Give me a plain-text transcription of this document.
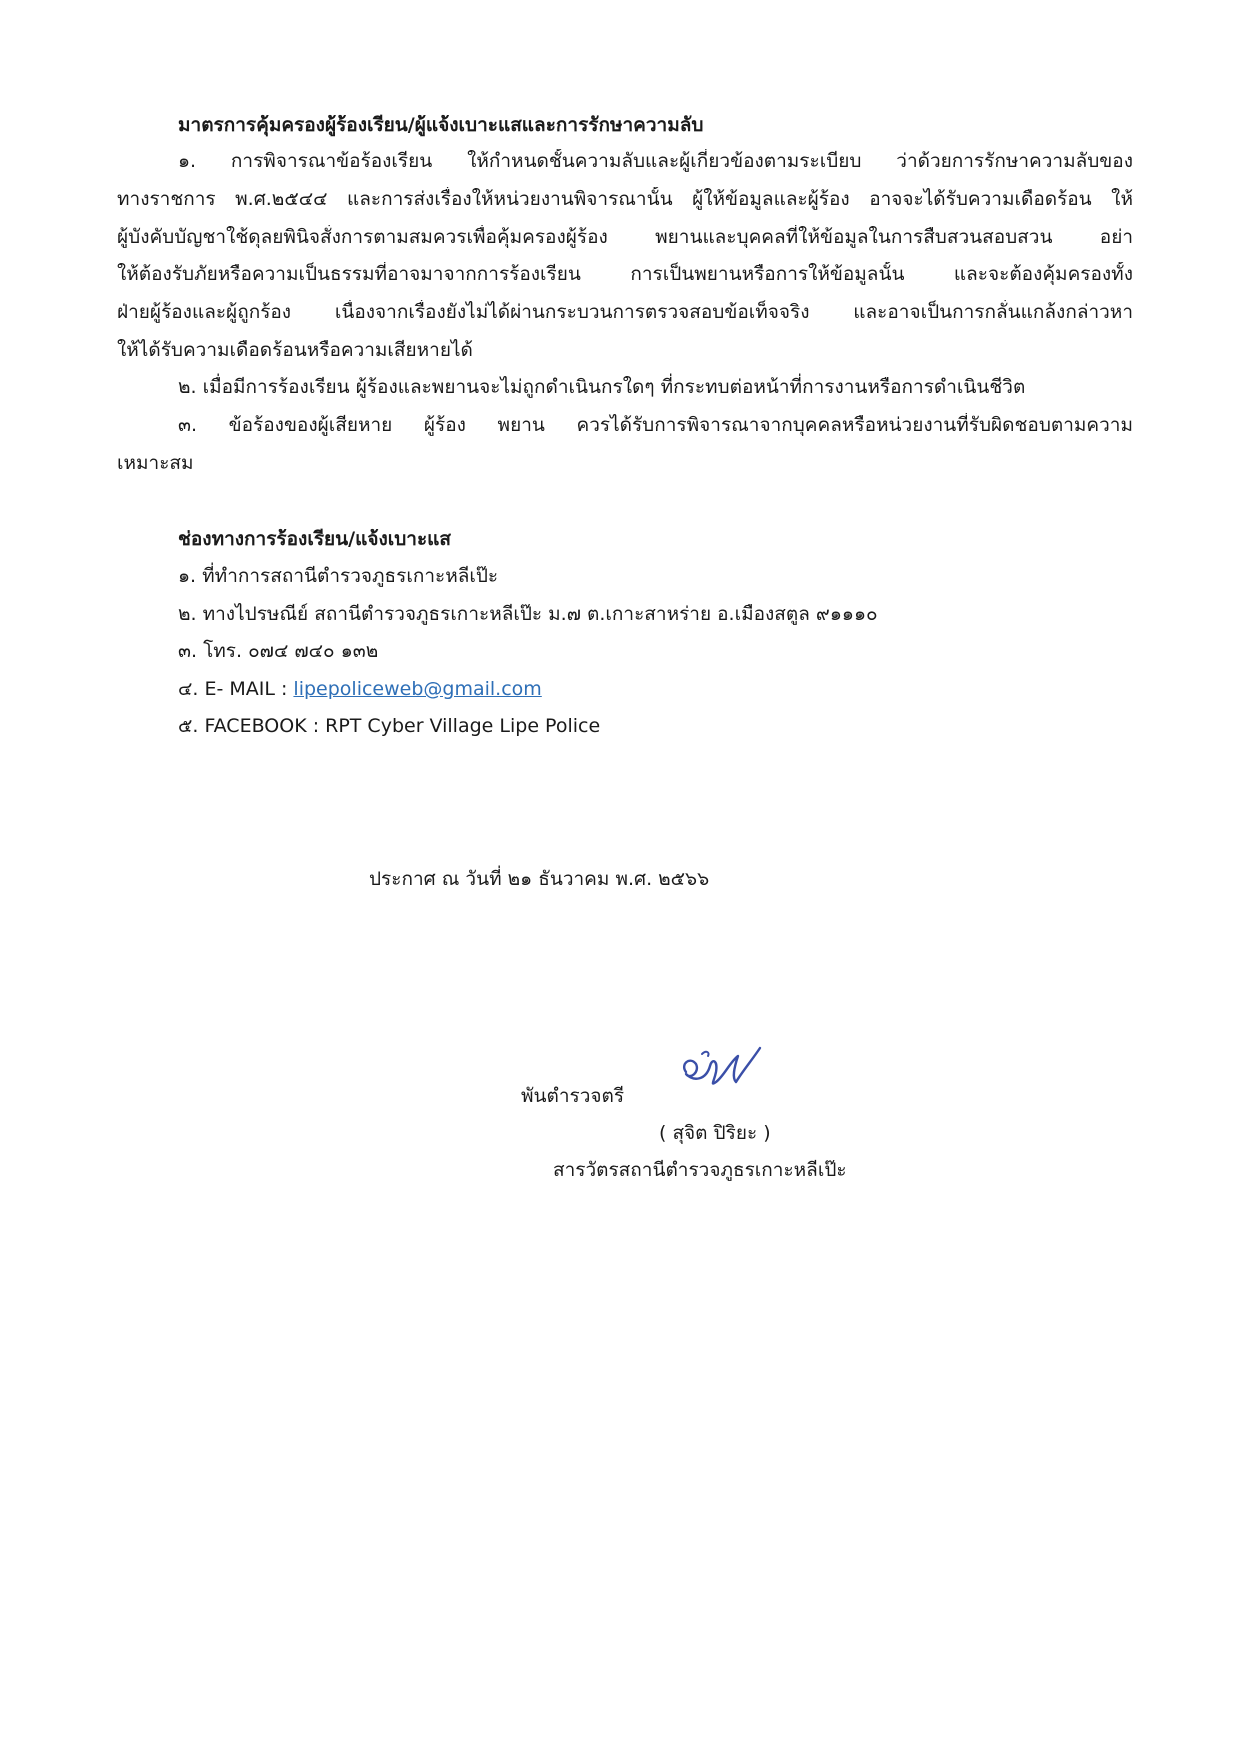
มาตรการคุ้มครองผู้ร้องเรียน/ผู้แจ้งเบาะแสและการรักษาความลับ
๑. การพิจารณาข้อร้องเรียน ให้กำหนดชั้นความลับและผู้เกี่ยวข้องตามระเบียบ ว่าด้วยการรักษาความลับของ
ทางราชการ พ.ศ.๒๕๔๔ และการส่งเรื่องให้หน่วยงานพิจารณานั้น ผู้ให้ข้อมูลและผู้ร้อง อาจจะได้รับความเดือดร้อน ให้
ผู้บังคับบัญชาใช้ดุลยพินิจสั่งการตามสมควรเพื่อคุ้มครองผู้ร้อง พยานและบุคคลที่ให้ข้อมูลในการสืบสวนสอบสวน อย่า
ให้ต้องรับภัยหรือความเป็นธรรมที่อาจมาจากการร้องเรียน การเป็นพยานหรือการให้ข้อมูลนั้น และจะต้องคุ้มครองทั้ง
ฝ่ายผู้ร้องและผู้ถูกร้อง เนื่องจากเรื่องยังไม่ได้ผ่านกระบวนการตรวจสอบข้อเท็จจริง และอาจเป็นการกลั่นแกล้งกล่าวหา
ให้ได้รับความเดือดร้อนหรือความเสียหายได้
๒. เมื่อมีการร้องเรียน ผู้ร้องและพยานจะไม่ถูกดำเนินกรใดๆ ที่กระทบต่อหน้าที่การงานหรือการดำเนินชีวิต
๓. ข้อร้องของผู้เสียหาย ผู้ร้อง พยาน ควรได้รับการพิจารณาจากบุคคลหรือหน่วยงานที่รับผิดชอบตามความ
เหมาะสม
ช่องทางการร้องเรียน/แจ้งเบาะแส
๑. ที่ทำการสถานีตำรวจภูธรเกาะหลีเป๊ะ
๒. ทางไปรษณีย์ สถานีตำรวจภูธรเกาะหลีเป๊ะ ม.๗ ต.เกาะสาหร่าย อ.เมืองสตูล ๙๑๑๑๐
๓. โทร. ๐๗๔ ๗๔๐ ๑๓๒
๔. E- MAIL : lipepoliceweb@gmail.com
๕. FACEBOOK : RPT Cyber Village Lipe Police
ประกาศ ณ วันที่ ๒๑ ธันวาคม พ.ศ. ๒๕๖๖
พันตำรวจตรี
( สุจิต ปิริยะ )
สารวัตรสถานีตำรวจภูธรเกาะหลีเป๊ะ
